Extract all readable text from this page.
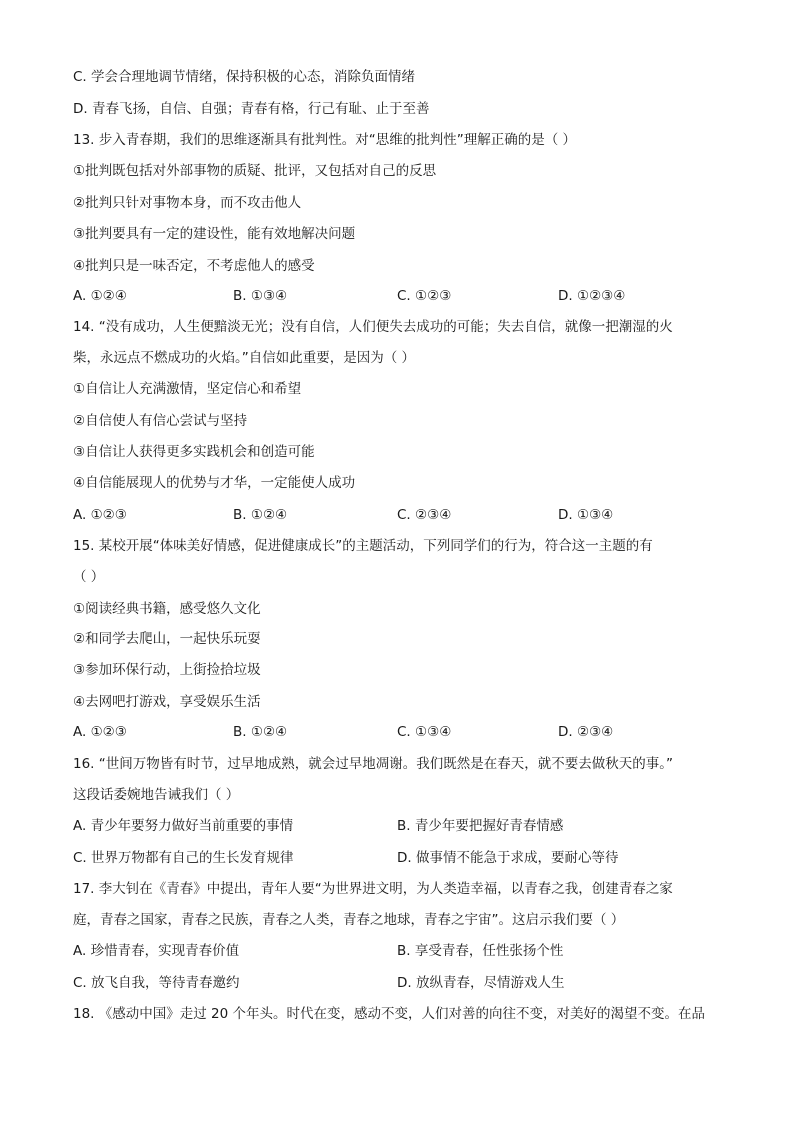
C. 学会合理地调节情绪，保持积极的心态，消除负面情绪
D. 青春飞扬，自信、自强；青春有格，行己有耻、止于至善
13. 步入青春期，我们的思维逐渐具有批判性。对“思维的批判性”理解正确的是（ ）
①批判既包括对外部事物的质疑、批评，又包括对自己的反思
②批判只针对事物本身，而不攻击他人
③批判要具有一定的建设性，能有效地解决问题
④批判只是一味否定，不考虑他人的感受
A. ①②④	B. ①③④	C. ①②③	D. ①②③④
14. “没有成功，人生便黯淡无光；没有自信，人们便失去成功的可能；失去自信，就像一把潮湿的火
柴，永远点不燃成功的火焰。”自信如此重要，是因为（ ）
①自信让人充满激情，坚定信心和希望
②自信使人有信心尝试与坚持
③自信让人获得更多实践机会和创造可能
④自信能展现人的优势与才华，一定能使人成功
A. ①②③	B. ①②④	C. ②③④	D. ①③④
15. 某校开展“体味美好情感，促进健康成长”的主题活动，下列同学们的行为，符合这一主题的有
（ ）
①阅读经典书籍，感受悠久文化
②和同学去爬山，一起快乐玩耍
③参加环保行动，上街捡拾垃圾
④去网吧打游戏，享受娱乐生活
A. ①②③	B. ①②④	C. ①③④	D. ②③④
16. “世间万物皆有时节，过早地成熟，就会过早地凋谢。我们既然是在春天，就不要去做秋天的事。”
这段话委婉地告诫我们（ ）
A. 青少年要努力做好当前重要的事情	B. 青少年要把握好青春情感
C. 世界万物都有自己的生长发育规律	D. 做事情不能急于求成，要耐心等待
17. 李大钊在《青春》中提出，青年人要“为世界进文明，为人类造幸福，以青春之我，创建青春之家
庭，青春之国家，青春之民族，青春之人类，青春之地球，青春之宇宙”。这启示我们要（ ）
A. 珍惜青春，实现青春价值	B. 享受青春，任性张扬个性
C. 放飞自我，等待青春邀约	D. 放纵青春，尽情游戏人生
18. 《感动中国》走过 20 个年头。时代在变，感动不变，人们对善的向往不变，对美好的渴望不变。在品
